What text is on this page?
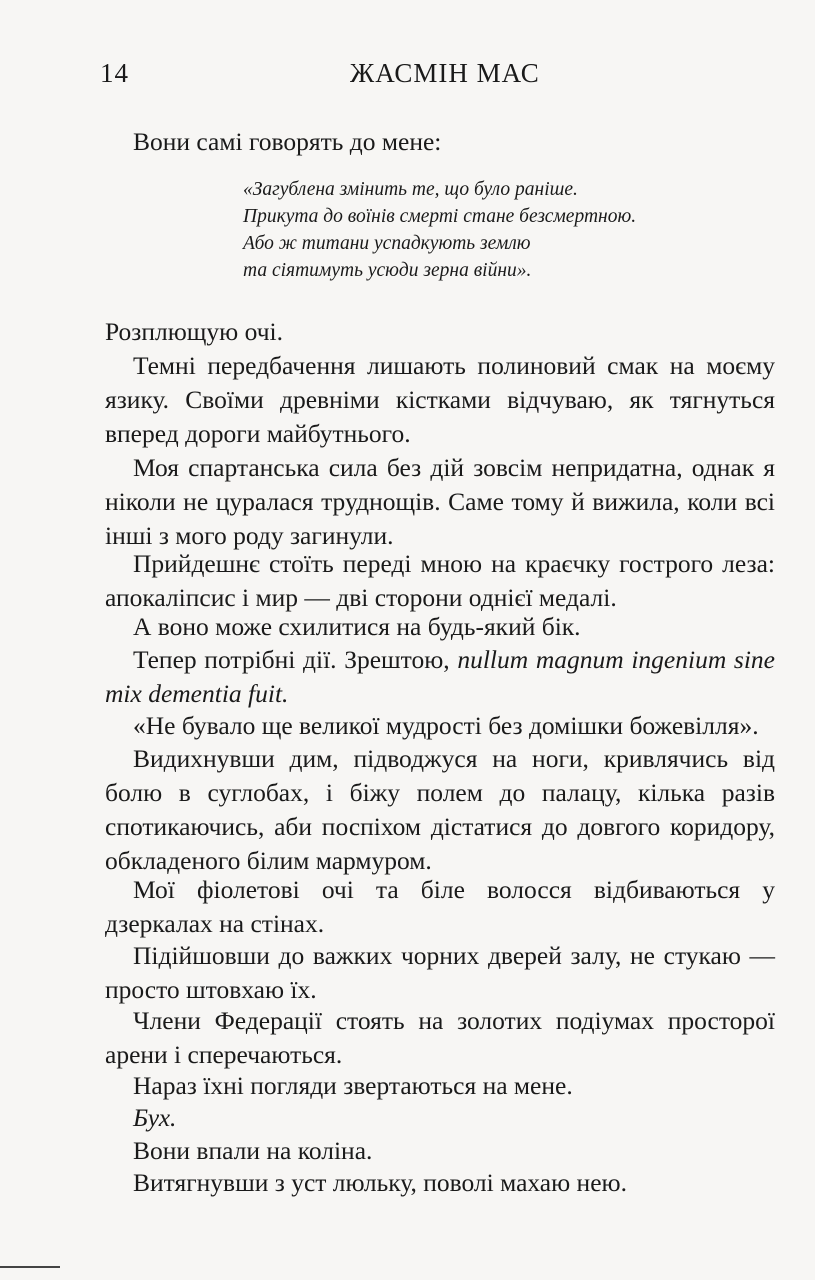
14	ЖАСМІН МАС

Вони самі говорять до мене:

«Загублена змінить те, що було раніше.
Прикута до воїнів смерті стане безсмертною.
Або ж титани успадкують землю
та сіятимуть усюди зерна війни».

Розплющую очі.

Темні передбачення лишають полиновий смак на моєму язику. Своїми древніми кістками відчуваю, як тягнуться вперед дороги майбутнього.

Моя спартанська сила без дій зовсім непридатна, однак я ніколи не цуралася труднощів. Саме тому й вижила, коли всі інші з мого роду загинули.

Прийдешнє стоїть переді мною на краєчку гострого леза: апокаліпсис і мир — дві сторони однієї медалі.

А воно може схилитися на будь-який бік.

Тепер потрібні дії. Зрештою, nullum magnum ingenium sine mix dementia fuit.

«Не бувало ще великої мудрості без домішки божевілля».

Видихнувши дим, підводжуся на ноги, кривлячись від болю в суглобах, і біжу полем до палацу, кілька разів спотикаючись, аби поспіхом дістатися до довгого коридору, обкладеного білим мармуром.

Мої фіолетові очі та біле волосся відбиваються у дзеркалах на стінах.

Підійшовши до важких чорних дверей залу, не стукаю — просто штовхаю їх.

Члени Федерації стоять на золотих подіумах просторої арени і сперечаються.

Нараз їхні погляди звертаються на мене.

Бух.

Вони впали на коліна.

Витягнувши з уст люльку, поволі махаю нею.
